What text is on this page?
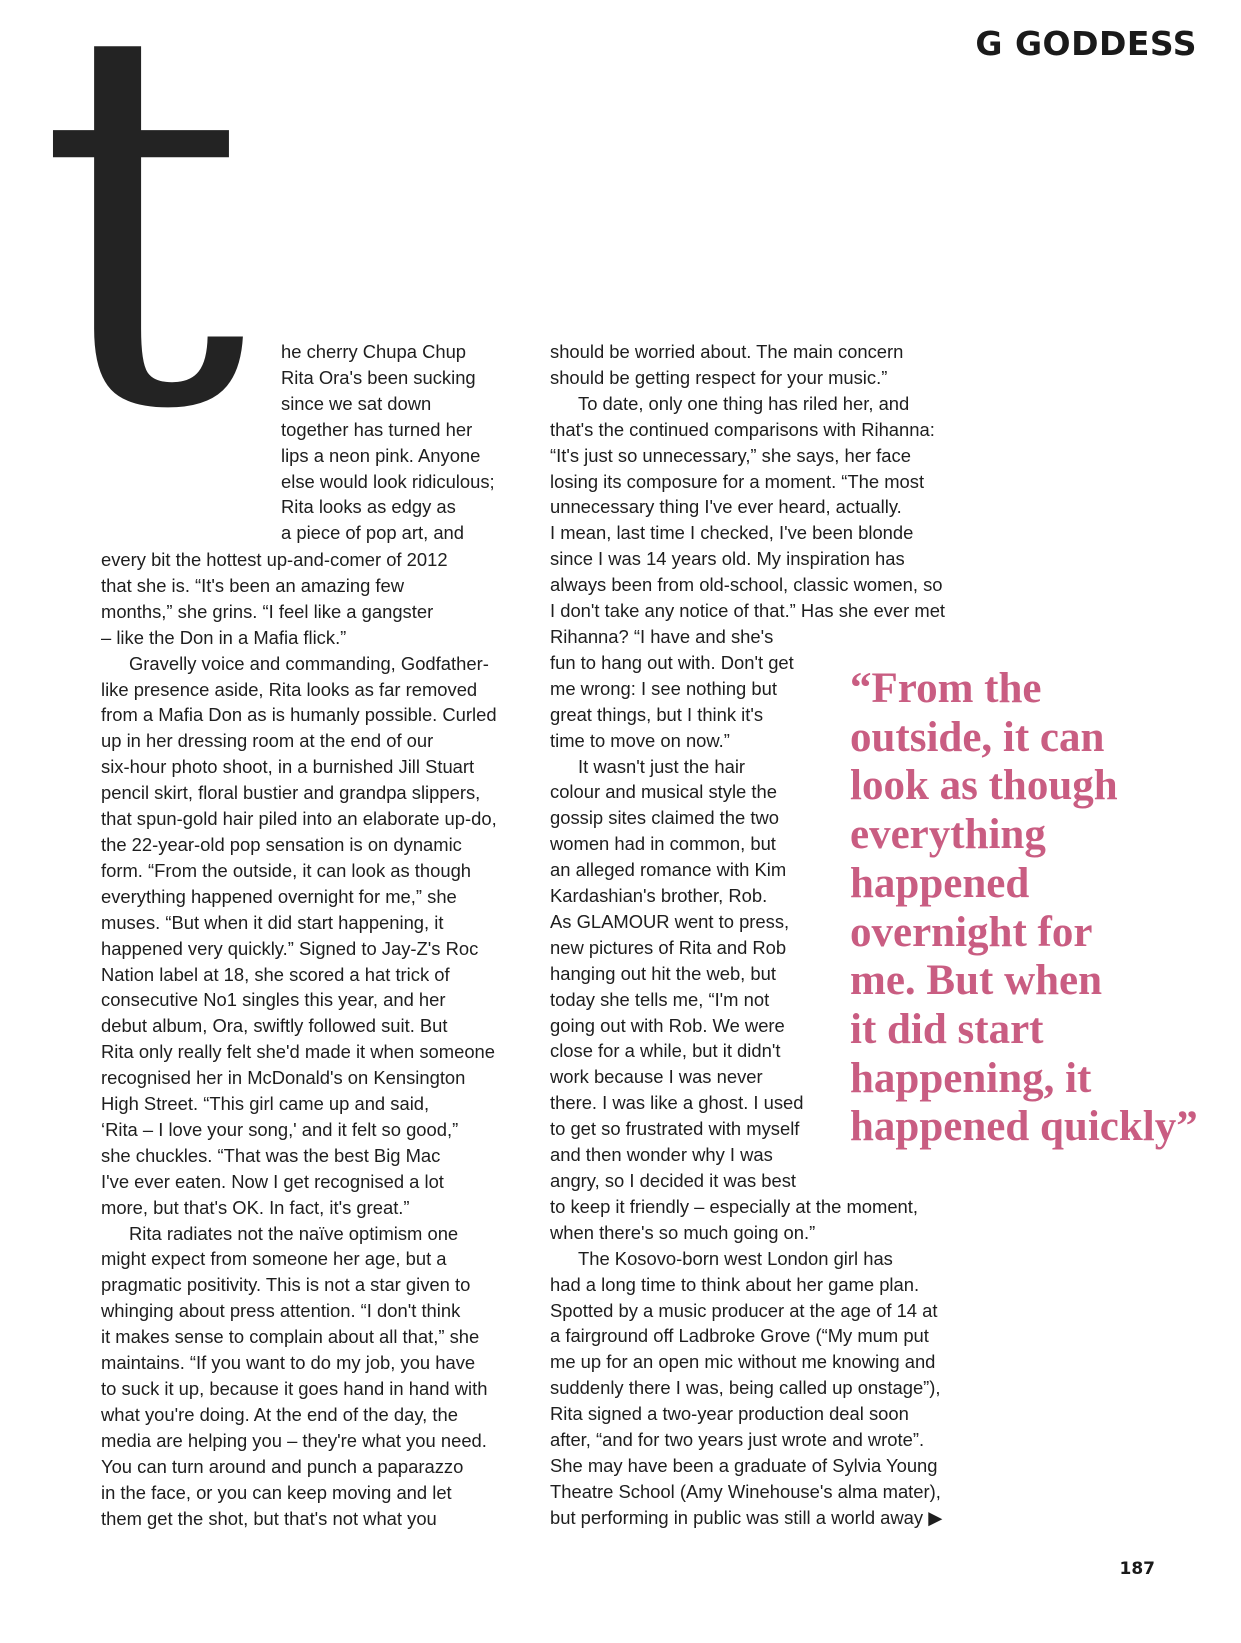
G GODDESS
t	he cherry Chupa Chup
Rita Ora's been sucking
since we sat down
together has turned her
lips a neon pink. Anyone
else would look ridiculous;
Rita looks as edgy as
a piece of pop art, and
every bit the hottest up-and-comer of 2012
that she is. “It's been an amazing few
months,” she grins. “I feel like a gangster
– like the Don in a Mafia flick.”
Gravelly voice and commanding, Godfather-
like presence aside, Rita looks as far removed
from a Mafia Don as is humanly possible. Curled
up in her dressing room at the end of our
six-hour photo shoot, in a burnished Jill Stuart
pencil skirt, floral bustier and grandpa slippers,
that spun-gold hair piled into an elaborate up-do,
the 22-year-old pop sensation is on dynamic
form. “From the outside, it can look as though
everything happened overnight for me,” she
muses. “But when it did start happening, it
happened very quickly.” Signed to Jay-Z's Roc
Nation label at 18, she scored a hat trick of
consecutive No1 singles this year, and her
debut album, Ora, swiftly followed suit. But
Rita only really felt she'd made it when someone
recognised her in McDonald's on Kensington
High Street. “This girl came up and said,
‘Rita – I love your song,' and it felt so good,”
she chuckles. “That was the best Big Mac
I've ever eaten. Now I get recognised a lot
more, but that's OK. In fact, it's great.”
Rita radiates not the naïve optimism one
might expect from someone her age, but a
pragmatic positivity. This is not a star given to
whinging about press attention. “I don't think
it makes sense to complain about all that,” she
maintains. “If you want to do my job, you have
to suck it up, because it goes hand in hand with
what you're doing. At the end of the day, the
media are helping you – they're what you need.
You can turn around and punch a paparazzo
in the face, or you can keep moving and let
them get the shot, but that's not what you
should be worried about. The main concern
should be getting respect for your music.”
To date, only one thing has riled her, and
that's the continued comparisons with Rihanna:
“It's just so unnecessary,” she says, her face
losing its composure for a moment. “The most
unnecessary thing I've ever heard, actually.
I mean, last time I checked, I've been blonde
since I was 14 years old. My inspiration has
always been from old-school, classic women, so
I don't take any notice of that.” Has she ever met
Rihanna? “I have and she's
fun to hang out with. Don't get
me wrong: I see nothing but
great things, but I think it's
time to move on now.”
It wasn't just the hair
colour and musical style the
gossip sites claimed the two
women had in common, but
an alleged romance with Kim
Kardashian's brother, Rob.
As GLAMOUR went to press,
new pictures of Rita and Rob
hanging out hit the web, but
today she tells me, “I'm not
going out with Rob. We were
close for a while, but it didn't
work because I was never
there. I was like a ghost. I used
to get so frustrated with myself
and then wonder why I was
angry, so I decided it was best
to keep it friendly – especially at the moment,
when there's so much going on.”
The Kosovo-born west London girl has
had a long time to think about her game plan.
Spotted by a music producer at the age of 14 at
a fairground off Ladbroke Grove (“My mum put
me up for an open mic without me knowing and
suddenly there I was, being called up onstage”),
Rita signed a two-year production deal soon
after, “and for two years just wrote and wrote”.
She may have been a graduate of Sylvia Young
Theatre School (Amy Winehouse's alma mater),
but performing in public was still a world away ▶
“From the
outside, it can
look as though
everything
happened
overnight for
me. But when
it did start
happening, it
happened quickly”
187
